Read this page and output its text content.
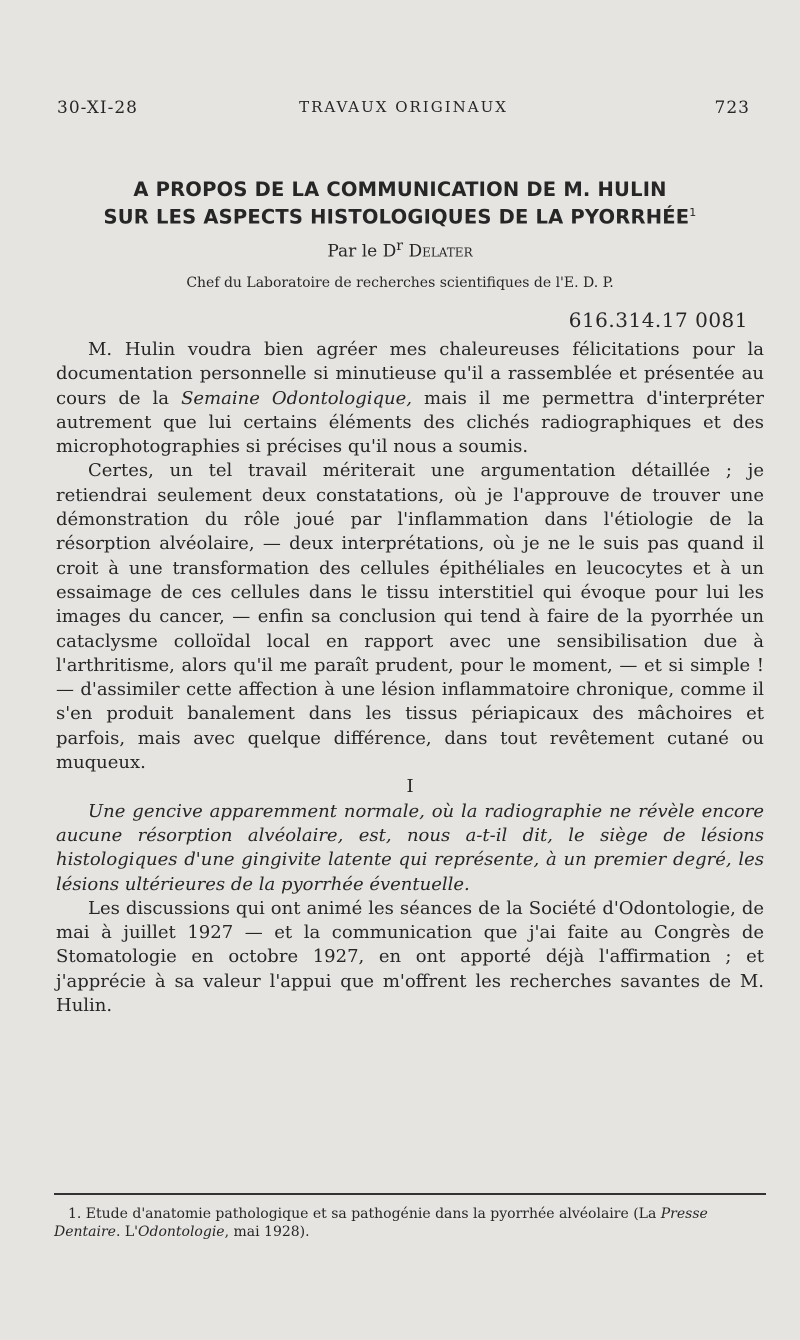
30-XI-28	TRAVAUX ORIGINAUX	723
A PROPOS DE LA COMMUNICATION DE M. HULIN
SUR LES ASPECTS HISTOLOGIQUES DE LA PYORRHÉE$^1$
Par le $D^r$ Delater
Chef du Laboratoire de recherches scientifiques de l'E. D. P.
616.314.17 0081

M. Hulin voudra bien agréer mes chaleureuses félicitations pour la documentation personnelle si minutieuse qu'il a rassemblée et présentée au cours de la Semaine Odontologique, mais il me permettra d'interpréter autrement que lui certains éléments des clichés radiographiques et des microphotographies si précises qu'il nous a soumis.

Certes, un tel travail mériterait une argumentation détaillée ; je retiendrai seulement deux constatations, où je l'approuve de trouver une démonstration du rôle joué par l'inflammation dans l'étiologie de la résorption alvéolaire, — deux interprétations, où je ne le suis pas quand il croit à une transformation des cellules épithéliales en leucocytes et à un essaimage de ces cellules dans le tissu interstitiel qui évoque pour lui les images du cancer, — enfin sa conclusion qui tend à faire de la pyorrhée un cataclysme colloïdal local en rapport avec une sensibilisation due à l'arthritisme, alors qu'il me paraît prudent, pour le moment, — et si simple ! — d'assimiler cette affection à une lésion inflammatoire chronique, comme il s'en produit banalement dans les tissus périapicaux des mâchoires et parfois, mais avec quelque différence, dans tout revêtement cutané ou muqueux.

I

Une gencive apparemment normale, où la radiographie ne révèle encore aucune résorption alvéolaire, est, nous a-t-il dit, le siège de lésions histologiques d'une gingivite latente qui représente, à un premier degré, les lésions ultérieures de la pyorrhée éventuelle.

Les discussions qui ont animé les séances de la Société d'Odontologie, de mai à juillet 1927 — et la communication que j'ai faite au Congrès de Stomatologie en octobre 1927, en ont apporté déjà l'affirmation ; et j'apprécie à sa valeur l'appui que m'offrent les recherches savantes de M. Hulin.

1. Etude d'anatomie pathologique et sa pathogénie dans la pyorrhée alvéolaire (La Presse Dentaire. L'Odontologie, mai 1928).
